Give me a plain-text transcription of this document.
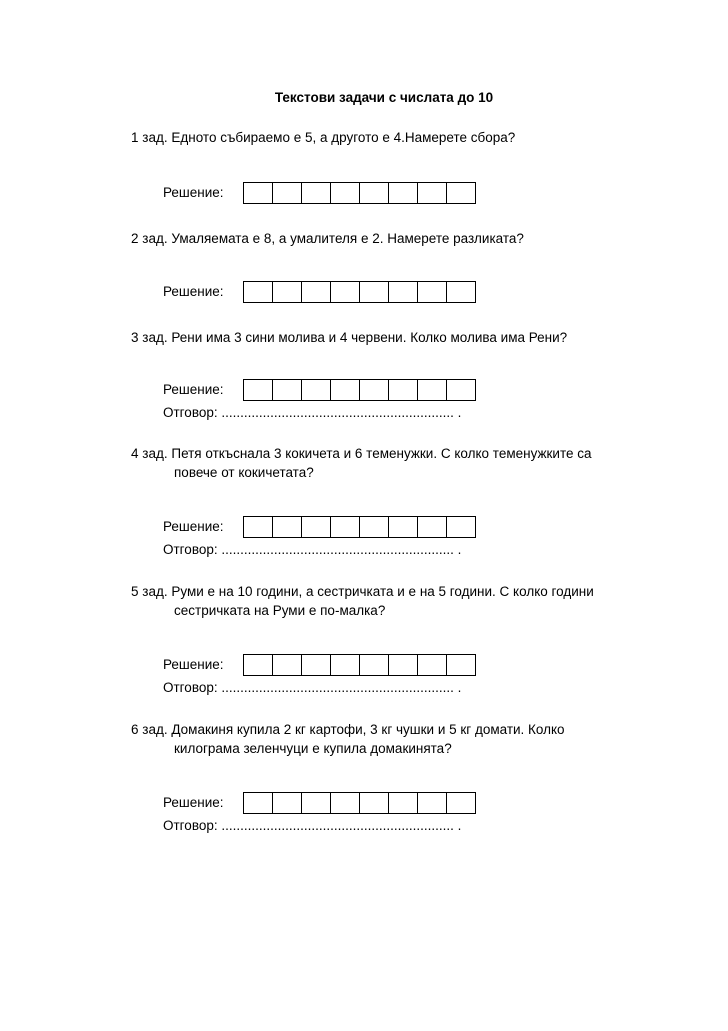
Текстови задачи с числата до 10
1 зад. Едното събираемо е 5, а другото е 4.Намерете сбора?
Решение:
2 зад. Умаляемата е 8, а умалителя е 2. Намерете разликата?
Решение:
3 зад. Рени има 3 сини молива и 4 червени. Колко молива има Рени?
Решение:
Отговор: .............................................................. .
4 зад. Петя откъснала 3 кокичета и 6 теменужки. С колко теменужките са
повече от кокичетата?
Решение:
Отговор: .............................................................. .
5 зад. Руми е на 10 години, а сестричката и е на 5 години. С колко години
сестричката на Руми е по-малка?
Решение:
Отговор: .............................................................. .
6 зад. Домакиня купила 2 кг картофи, 3 кг чушки и 5 кг домати. Колко
килограма зеленчуци е купила домакинята?
Решение:
Отговор: .............................................................. .
